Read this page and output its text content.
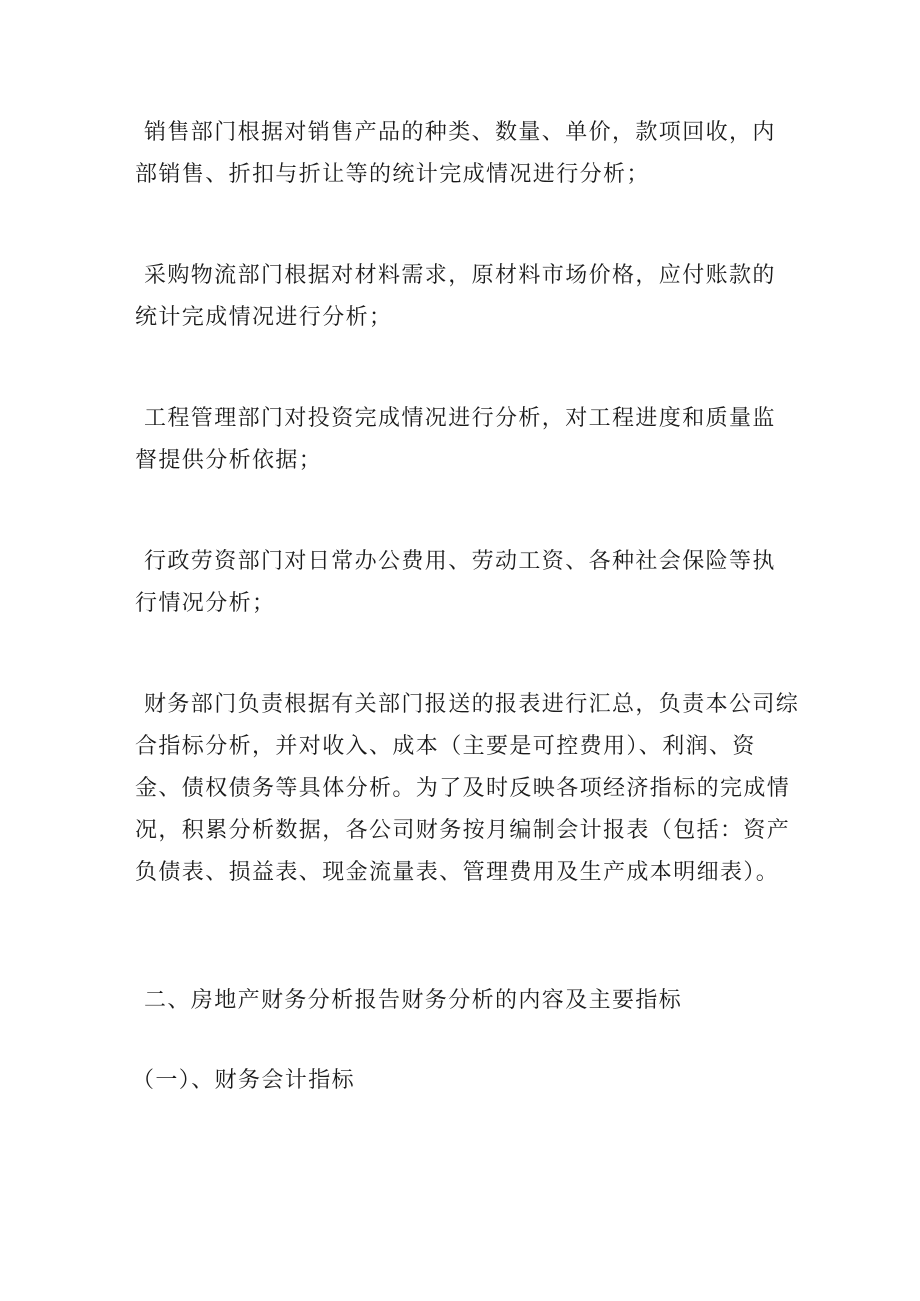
销售部门根据对销售产品的种类、数量、单价，款项回收，内部销售、折扣与折让等的统计完成情况进行分析；

采购物流部门根据对材料需求，原材料市场价格，应付账款的统计完成情况进行分析；

工程管理部门对投资完成情况进行分析，对工程进度和质量监督提供分析依据；

行政劳资部门对日常办公费用、劳动工资、各种社会保险等执行情况分析；

财务部门负责根据有关部门报送的报表进行汇总，负责本公司综合指标分析，并对收入、成本（主要是可控费用）、利润、资金、债权债务等具体分析。为了及时反映各项经济指标的完成情况，积累分析数据，各公司财务按月编制会计报表（包括：资产负债表、损益表、现金流量表、管理费用及生产成本明细表）。

二、房地产财务分析报告财务分析的内容及主要指标
（一）、财务会计指标
